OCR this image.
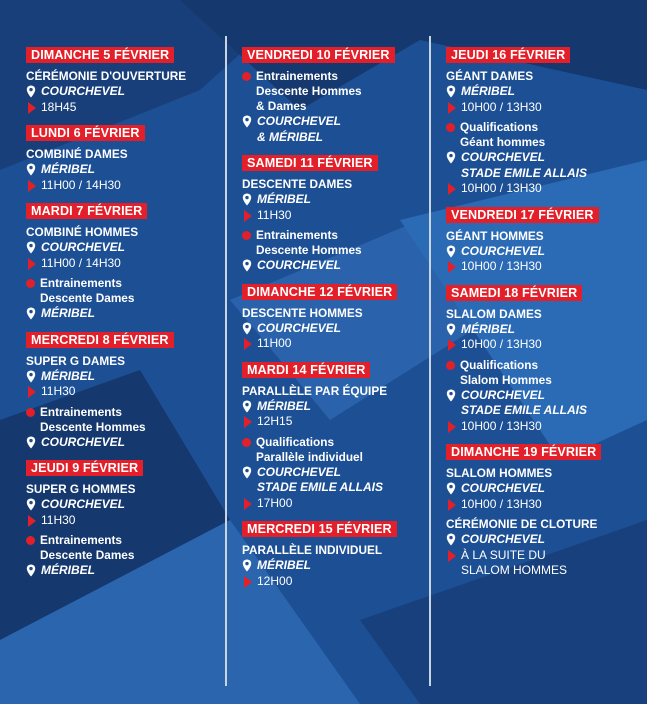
DIMANCHE 5 FÉVRIER
CÉRÉMONIE D'OUVERTURE
COURCHEVEL
18H45
LUNDI 6 FÉVRIER
COMBINÉ DAMES
MÉRIBEL
11H00 / 14H30
MARDI 7 FÉVRIER
COMBINÉ HOMMES
COURCHEVEL
11H00 / 14H30
Entrainements
Descente Dames
MÉRIBEL
MERCREDI 8 FÉVRIER
SUPER G DAMES
MÉRIBEL
11H30
Entrainements
Descente Hommes
COURCHEVEL
JEUDI 9 FÉVRIER
SUPER G HOMMES
COURCHEVEL
11H30
Entrainements
Descente Dames
MÉRIBEL
VENDREDI 10 FÉVRIER
Entrainements
Descente Hommes
& Dames
COURCHEVEL
& MÉRIBEL
SAMEDI 11 FÉVRIER
DESCENTE DAMES
MÉRIBEL
11H30
Entrainements
Descente Hommes
COURCHEVEL
DIMANCHE 12 FÉVRIER
DESCENTE HOMMES
COURCHEVEL
11H00
MARDI 14 FÉVRIER
PARALLÈLE PAR ÉQUIPE
MÉRIBEL
12H15
Qualifications
Parallèle individuel
COURCHEVEL
STADE EMILE ALLAIS
17H00
MERCREDI 15 FÉVRIER
PARALLÈLE INDIVIDUEL
MÉRIBEL
12H00
JEUDI 16 FÉVRIER
GÉANT DAMES
MÉRIBEL
10H00 / 13H30
Qualifications
Géant hommes
COURCHEVEL
STADE EMILE ALLAIS
10H00 / 13H30
VENDREDI 17 FÉVRIER
GÉANT HOMMES
COURCHEVEL
10H00 / 13H30
SAMEDI 18 FÉVRIER
SLALOM DAMES
MÉRIBEL
10H00 / 13H30
Qualifications
Slalom Hommes
COURCHEVEL
STADE EMILE ALLAIS
10H00 / 13H30
DIMANCHE 19 FÉVRIER
SLALOM HOMMES
COURCHEVEL
10H00 / 13H30
CÉRÉMONIE DE CLOTURE
COURCHEVEL
À LA SUITE DU
SLALOM HOMMES
